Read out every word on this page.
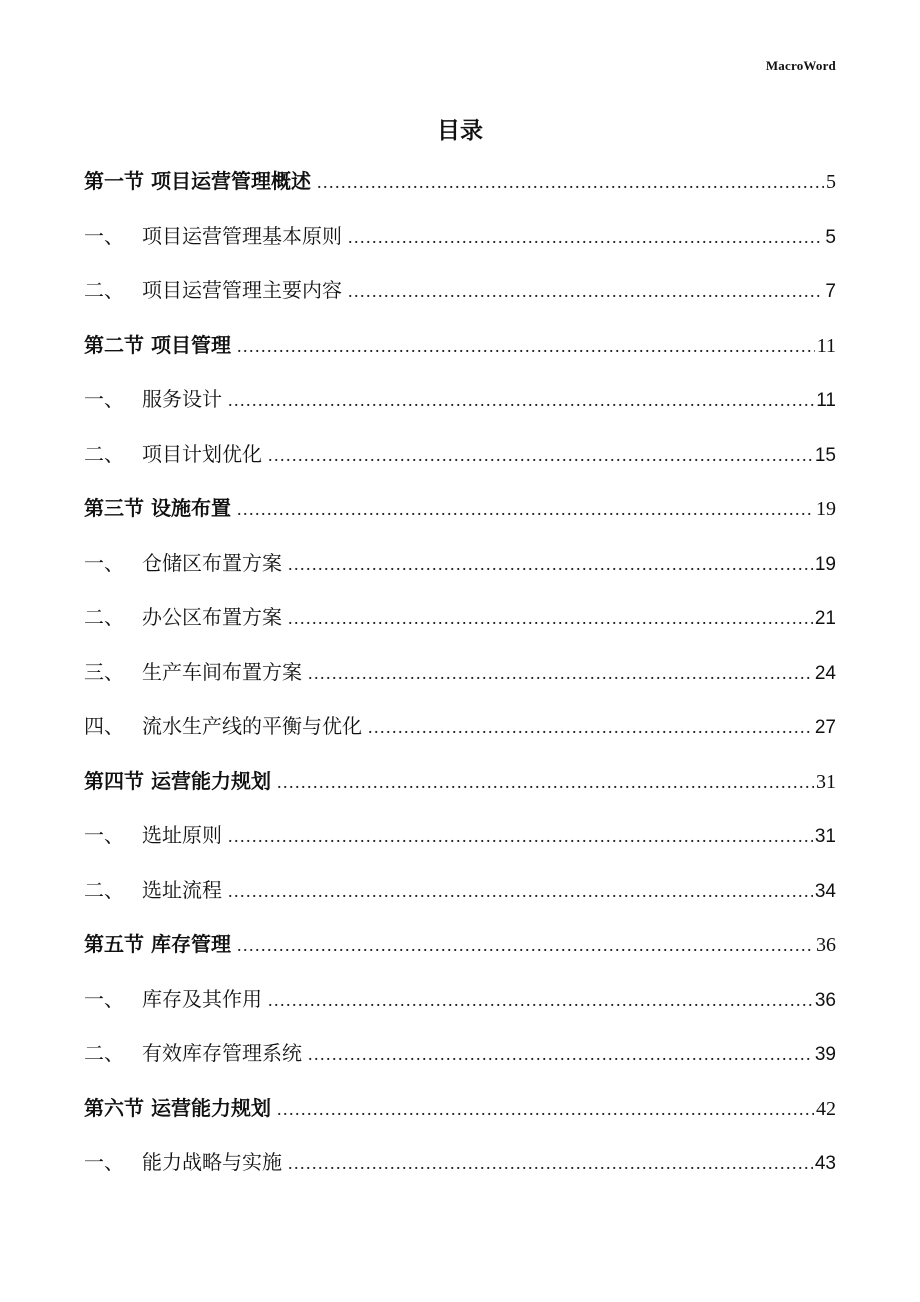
MacroWord
目录
第一节 项目运营管理概述 .....	5
一、 项目运营管理基本原则 .....	5
二、 项目运营管理主要内容 .....	7
第二节 项目管理 .....	11
一、 服务设计 .....	11
二、 项目计划优化 .....	15
第三节 设施布置 .....	19
一、 仓储区布置方案 .....	19
二、 办公区布置方案 .....	21
三、 生产车间布置方案 .....	24
四、 流水生产线的平衡与优化 .....	27
第四节 运营能力规划 .....	31
一、 选址原则 .....	31
二、 选址流程 .....	34
第五节 库存管理 .....	36
一、 库存及其作用 .....	36
二、 有效库存管理系统 .....	39
第六节 运营能力规划 .....	42
一、 能力战略与实施 .....	43
